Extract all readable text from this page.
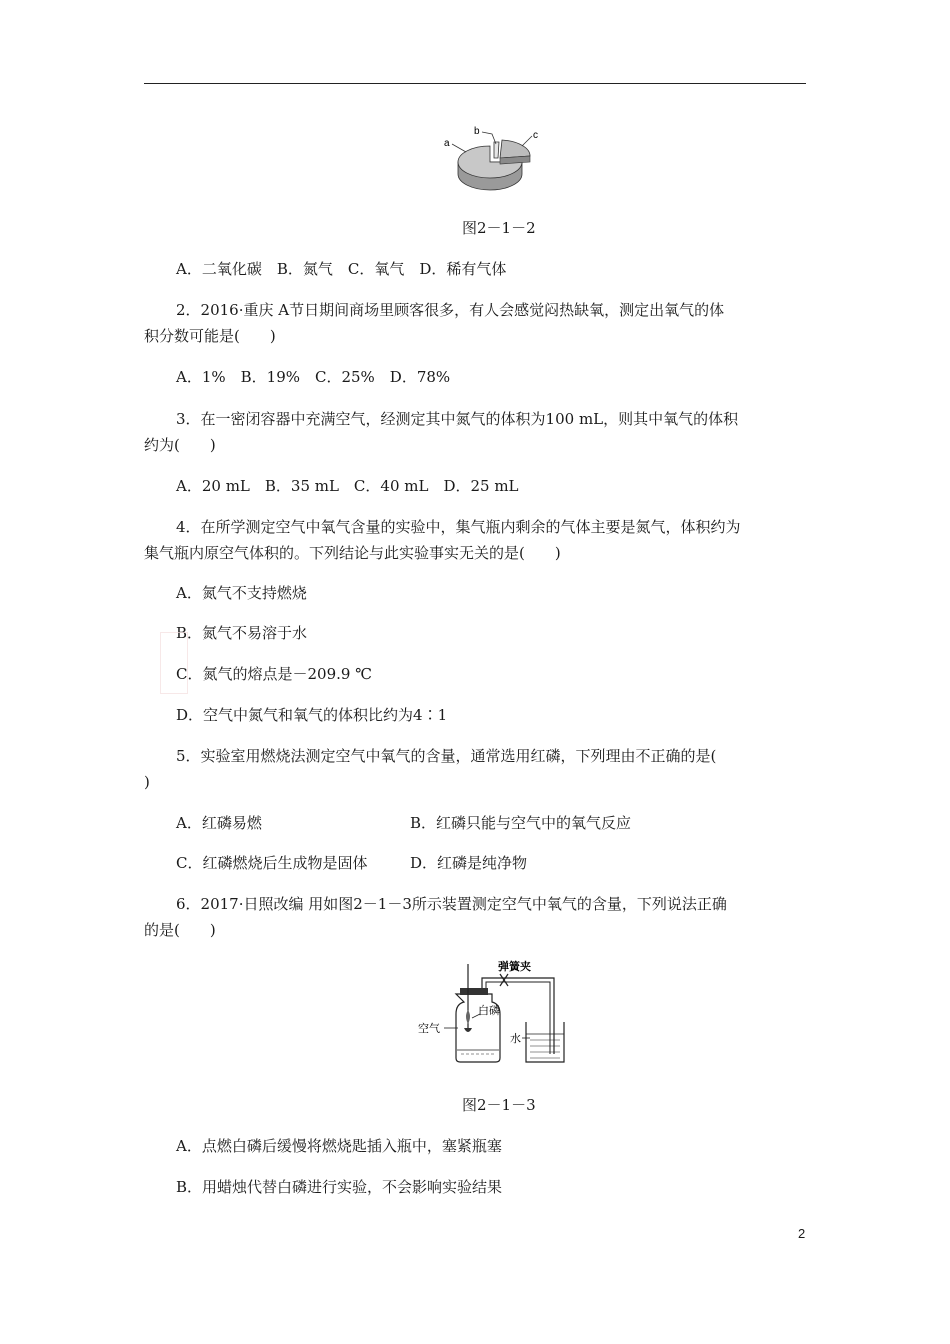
a
b	c
图2－1－2
A．二氧化碳　B．氮气　C．氧气　D．稀有气体
2．2016·重庆 A节日期间商场里顾客很多，有人会感觉闷热缺氧，测定出氧气的体
积分数可能是(　　)
A．1%　B．19%　C．25%　D．78%
3．在一密闭容器中充满空气，经测定其中氮气的体积为100 mL，则其中氧气的体积
约为(　　)
A．20 mL　B．35 mL　C．40 mL　D．25 mL
4．在所学测定空气中氧气含量的实验中，集气瓶内剩余的气体主要是氮气，体积约为
集气瓶内原空气体积的。下列结论与此实验事实无关的是(　　)
A．氮气不支持燃烧
B．氮气不易溶于水
C．氮气的熔点是－209.9 ℃
D．空气中氮气和氧气的体积比约为4∶1
5．实验室用燃烧法测定空气中氧气的含量，通常选用红磷，下列理由不正确的是(
)
A．红磷易燃	B．红磷只能与空气中的氧气反应
C．红磷燃烧后生成物是固体	D．红磷是纯净物
6．2017·日照改编 用如图2－1－3所示装置测定空气中氧气的含量，下列说法正确
的是(　　)
弹簧夹
白磷
空气
水
图2－1－3
A．点燃白磷后缓慢将燃烧匙插入瓶中，塞紧瓶塞
B．用蜡烛代替白磷进行实验，不会影响实验结果
2
